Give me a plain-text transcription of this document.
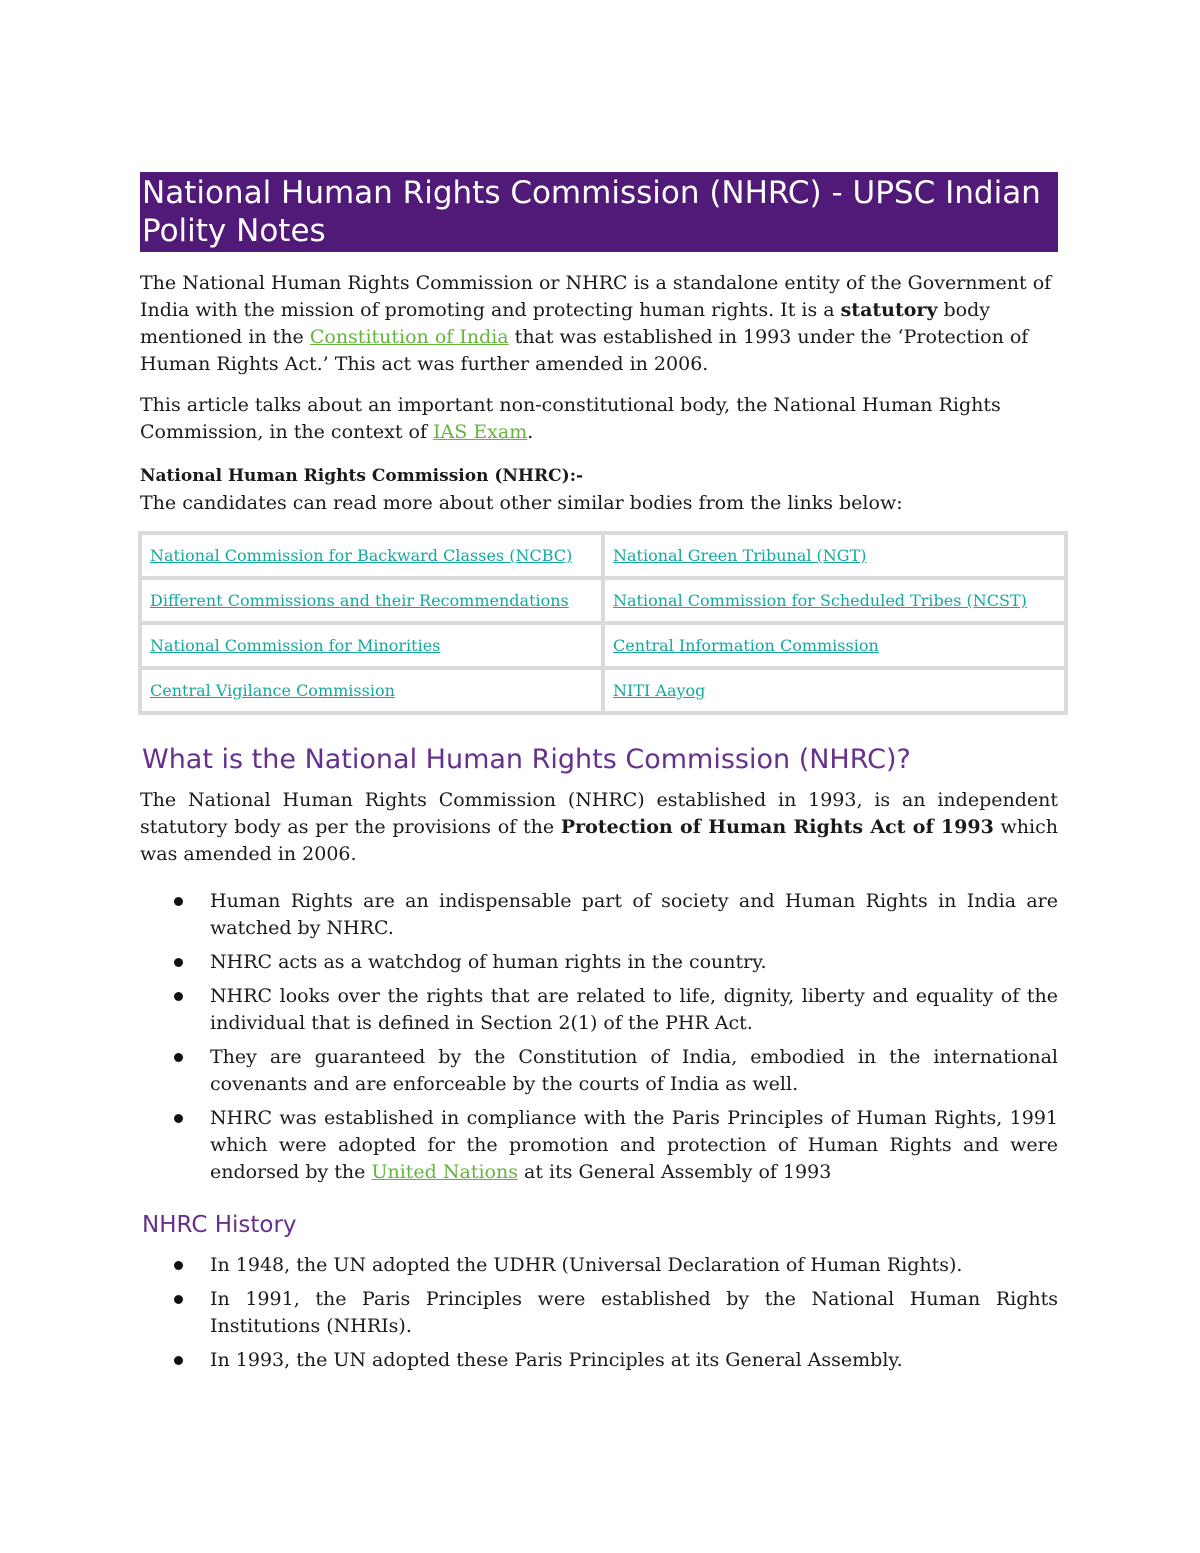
National Human Rights Commission (NHRC) - UPSC Indian Polity Notes

The National Human Rights Commission or NHRC is a standalone entity of the Government of India with the mission of promoting and protecting human rights. It is a statutory body mentioned in the Constitution of India that was established in 1993 under the ‘Protection of Human Rights Act.’ This act was further amended in 2006.

This article talks about an important non-constitutional body, the National Human Rights Commission, in the context of IAS Exam.

National Human Rights Commission (NHRC):-
The candidates can read more about other similar bodies from the links below:

National Commission for Backward Classes (NCBC)	National Green Tribunal (NGT)
Different Commissions and their Recommendations	National Commission for Scheduled Tribes (NCST)
National Commission for Minorities	Central Information Commission
Central Vigilance Commission	NITI Aayog
What is the National Human Rights Commission (NHRC)?

The National Human Rights Commission (NHRC) established in 1993, is an independent statutory body as per the provisions of the Protection of Human Rights Act of 1993 which was amended in 2006.

Human Rights are an indispensable part of society and Human Rights in India are watched by NHRC.
NHRC acts as a watchdog of human rights in the country.
NHRC looks over the rights that are related to life, dignity, liberty and equality of the individual that is defined in Section 2(1) of the PHR Act.
They are guaranteed by the Constitution of India, embodied in the international covenants and are enforceable by the courts of India as well.
NHRC was established in compliance with the Paris Principles of Human Rights, 1991 which were adopted for the promotion and protection of Human Rights and were endorsed by the United Nations at its General Assembly of 1993
NHRC History
In 1948, the UN adopted the UDHR (Universal Declaration of Human Rights).
In 1991, the Paris Principles were established by the National Human Rights Institutions (NHRIs).
In 1993, the UN adopted these Paris Principles at its General Assembly.
